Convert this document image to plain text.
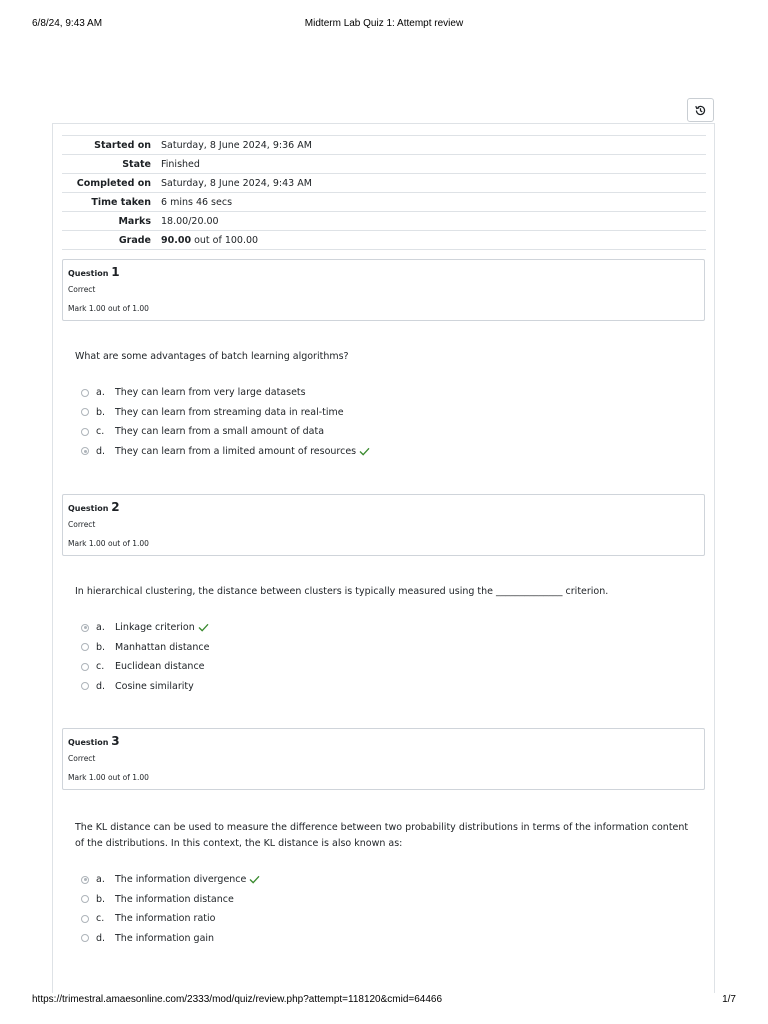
Midterm Lab Quiz 1: Attempt review
6/8/24, 9:43 AM
Started on	Saturday, 8 June 2024, 9:36 AM
State	Finished
Completed on	Saturday, 8 June 2024, 9:43 AM
Time taken	6 mins 46 secs
Marks	18.00/20.00
Grade	90.00 out of 100.00
Question 1
Correct
Mark 1.00 out of 1.00
What are some advantages of batch learning algorithms?
a.	They can learn from very large datasets
b.	They can learn from streaming data in real-time
c.	They can learn from a small amount of data
d.	They can learn from a limited amount of resources
Question 2
Correct
Mark 1.00 out of 1.00
In hierarchical clustering, the distance between clusters is typically measured using the ______________ criterion.
a.	Linkage criterion
b.	Manhattan distance
c.	Euclidean distance
d.	Cosine similarity
Question 3
Correct
Mark 1.00 out of 1.00
The KL distance can be used to measure the difference between two probability distributions in terms of the information content of the distributions. In this context, the KL distance is also known as:
a.	The information divergence
b.	The information distance
c.	The information ratio
d.	The information gain
https://trimestral.amaesonline.com/2333/mod/quiz/review.php?attempt=118120&cmid=64466	1/7
